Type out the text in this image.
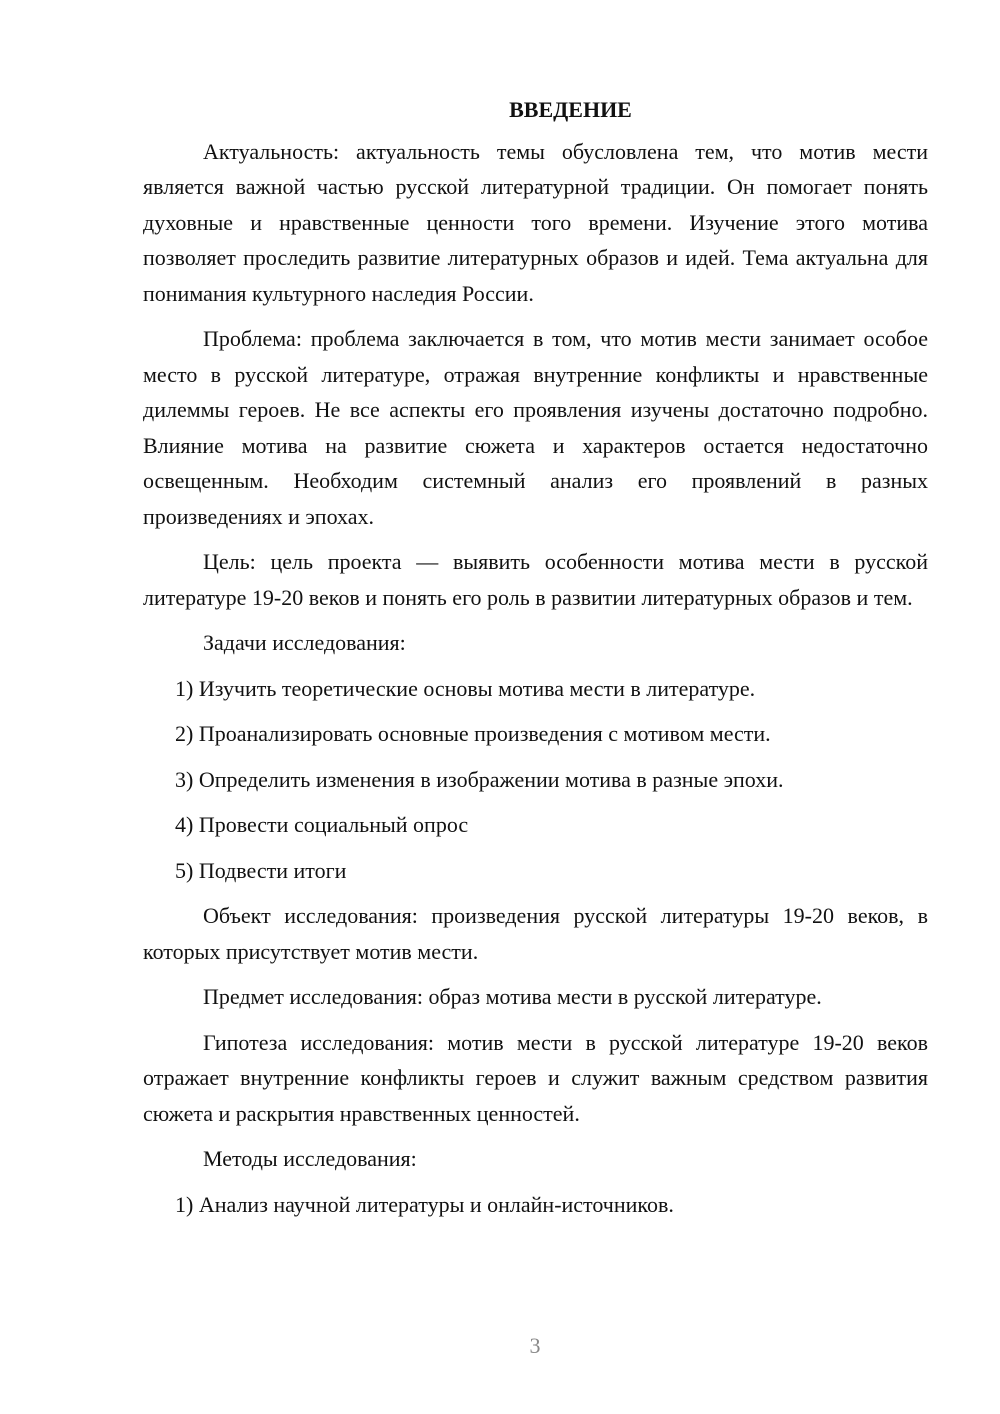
ВВЕДЕНИЕ
Актуальность: актуальность темы обусловлена тем, что мотив мести является важной частью русской литературной традиции. Он помогает понять духовные и нравственные ценности того времени. Изучение этого мотива позволяет проследить развитие литературных образов и идей. Тема актуальна для понимания культурного наследия России.
Проблема: проблема заключается в том, что мотив мести занимает особое место в русской литературе, отражая внутренние конфликты и нравственные дилеммы героев. Не все аспекты его проявления изучены достаточно подробно. Влияние мотива на развитие сюжета и характеров остается недостаточно освещенным. Необходим системный анализ его проявлений в разных произведениях и эпохах.
Цель: цель проекта — выявить особенности мотива мести в русской литературе 19-20 веков и понять его роль в развитии литературных образов и тем.
Задачи исследования:
1) Изучить теоретические основы мотива мести в литературе.
2) Проанализировать основные произведения с мотивом мести.
3) Определить изменения в изображении мотива в разные эпохи.
4) Провести социальный опрос
5) Подвести итоги
Объект исследования: произведения русской литературы 19-20 веков, в которых присутствует мотив мести.
Предмет исследования: образ мотива мести в русской литературе.
Гипотеза исследования: мотив мести в русской литературе 19-20 веков отражает внутренние конфликты героев и служит важным средством развития сюжета и раскрытия нравственных ценностей.
Методы исследования:
1) Анализ научной литературы и онлайн-источников.
3
